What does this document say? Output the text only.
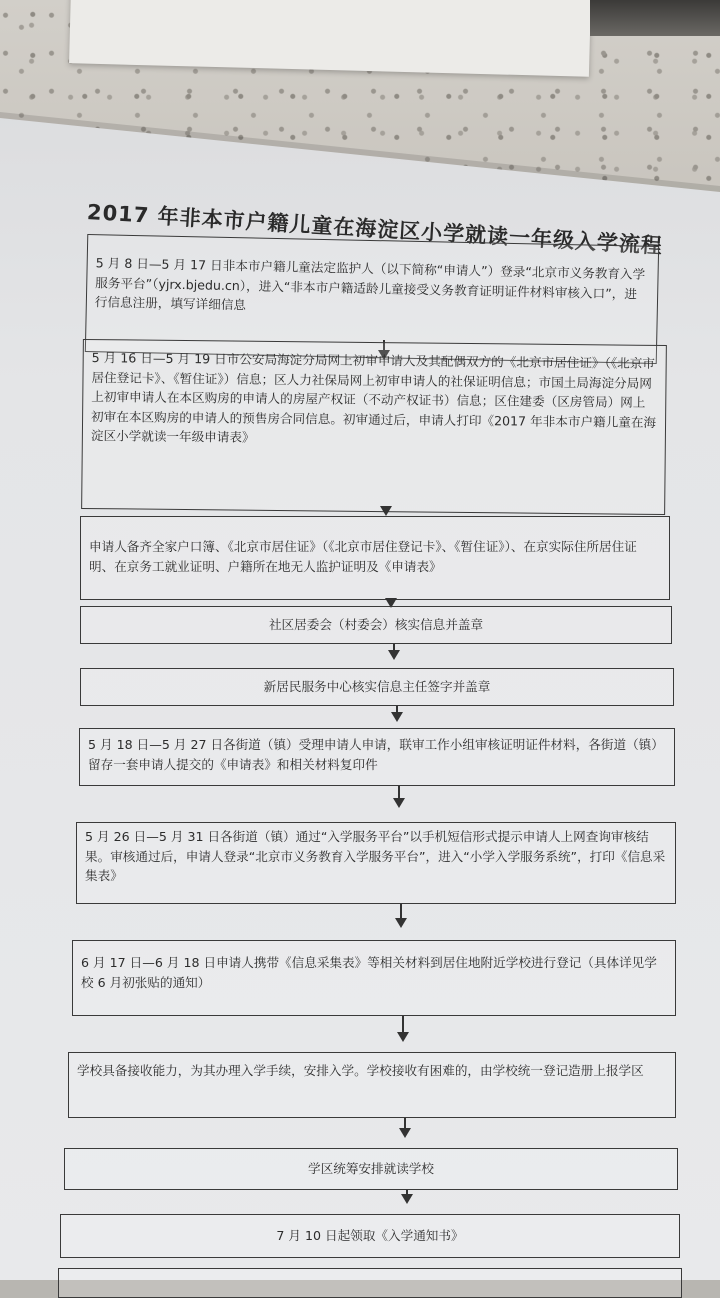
2017 年非本市户籍儿童在海淀区小学就读一年级入学流程
5 月 8 日—5 月 17 日非本市户籍儿童法定监护人（以下简称“申请人”）登录“北京市义务教育入学服务平台”（yjrx.bjedu.cn），进入“非本市户籍适龄儿童接受义务教育证明证件材料审核入口”，进行信息注册，填写详细信息
5 月 16 日—5 月 19 日市公安局海淀分局网上初审申请人及其配偶双方的《北京市居住证》（《北京市居住登记卡》、《暂住证》）信息；区人力社保局网上初审申请人的社保证明信息；市国土局海淀分局网上初审申请人在本区购房的申请人的房屋产权证（不动产权证书）信息；区住建委（区房管局）网上初审在本区购房的申请人的预售房合同信息。初审通过后，申请人打印《2017 年非本市户籍儿童在海淀区小学就读一年级申请表》
申请人备齐全家户口簿、《北京市居住证》（《北京市居住登记卡》、《暂住证》）、在京实际住所居住证明、在京务工就业证明、户籍所在地无人监护证明及《申请表》
社区居委会（村委会）核实信息并盖章
新居民服务中心核实信息主任签字并盖章
5 月 18 日—5 月 27 日各街道（镇）受理申请人申请，联审工作小组审核证明证件材料，各街道（镇）留存一套申请人提交的《申请表》和相关材料复印件
5 月 26 日—5 月 31 日各街道（镇）通过“入学服务平台”以手机短信形式提示申请人上网查询审核结果。审核通过后，申请人登录“北京市义务教育入学服务平台”，进入“小学入学服务系统”，打印《信息采集表》
6 月 17 日—6 月 18 日申请人携带《信息采集表》等相关材料到居住地附近学校进行登记（具体详见学校 6 月初张贴的通知）
学校具备接收能力，为其办理入学手续，安排入学。学校接收有困难的，由学校统一登记造册上报学区
学区统筹安排就读学校
7 月 10 日起领取《入学通知书》
